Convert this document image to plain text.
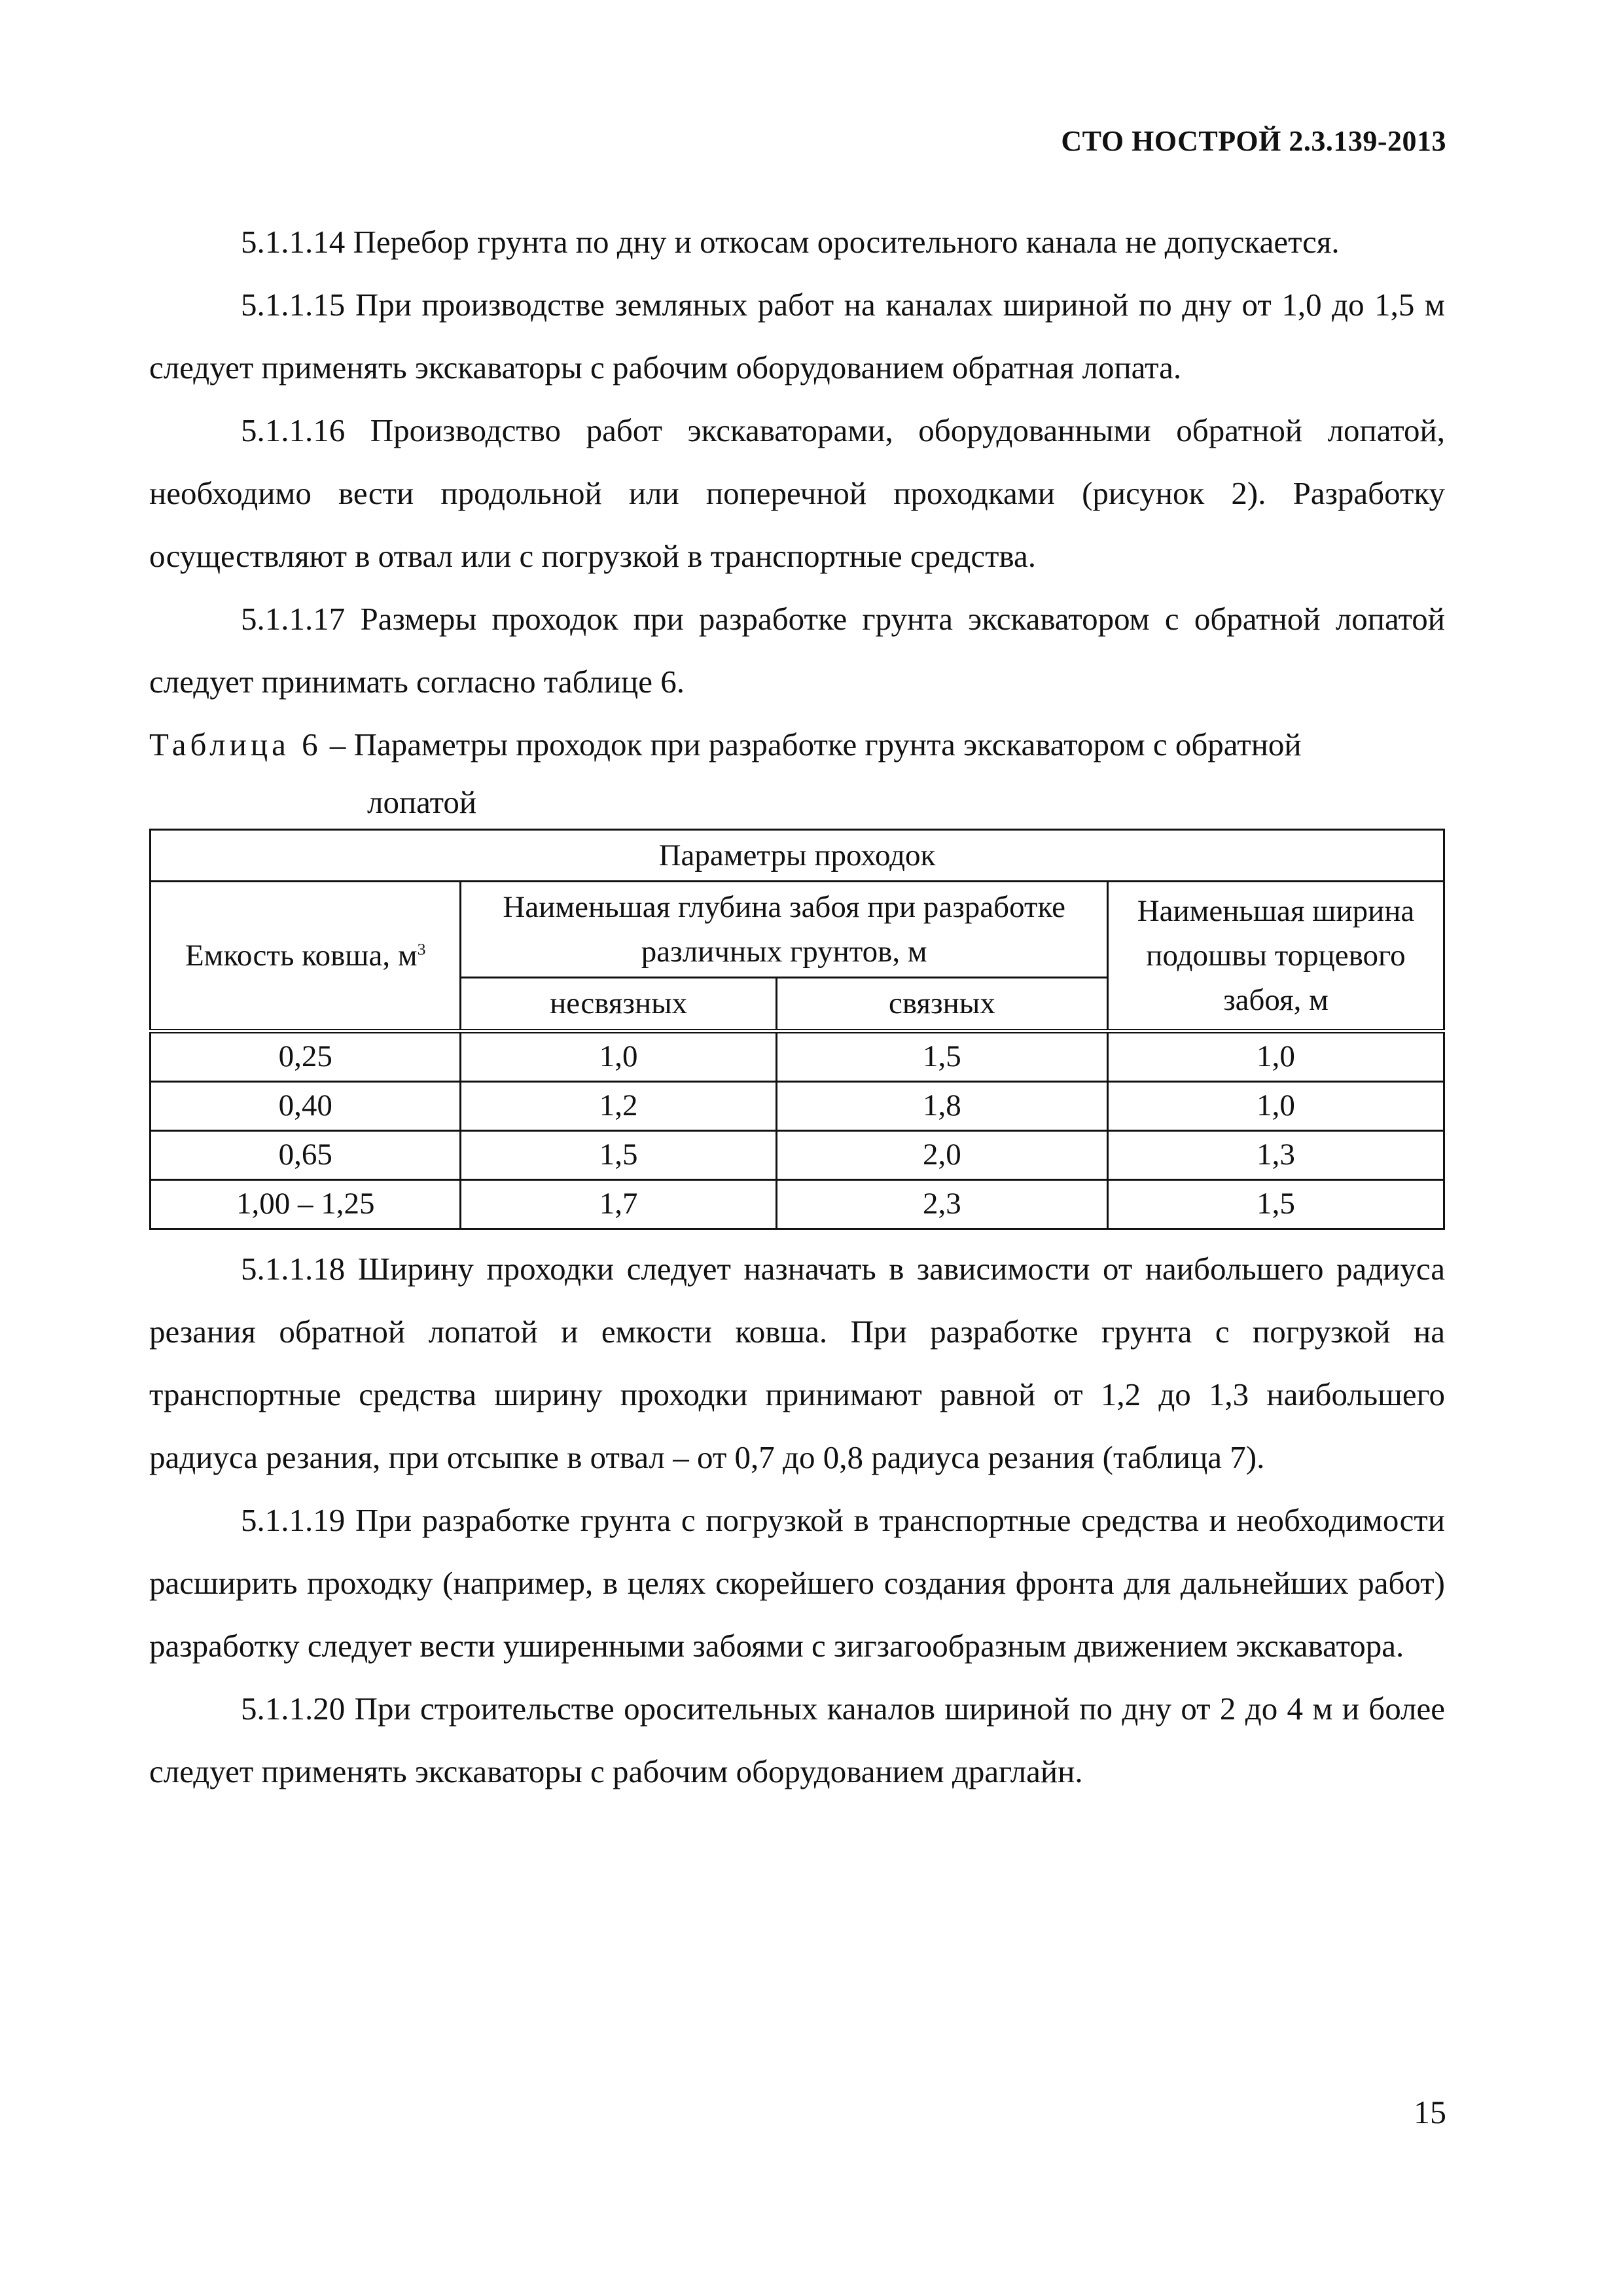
СТО НОСТРОЙ 2.3.139-2013

5.1.1.14 Перебор грунта по дну и откосам оросительного канала не допускается.

5.1.1.15 При производстве земляных работ на каналах шириной по дну от 1,0 до 1,5 м следует применять экскаваторы с рабочим оборудованием обратная лопата.

5.1.1.16 Производство работ экскаваторами, оборудованными обратной лопатой, необходимо вести продольной или поперечной проходками (рисунок 2). Разработку осуществляют в отвал или с погрузкой в транспортные средства.

5.1.1.17 Размеры проходок при разработке грунта экскаватором с обратной лопатой следует принимать согласно таблице 6.

Таблица 6 – Параметры проходок при разработке грунта экскаватором с обратной

лопатой

Параметры проходок			
Емкость ковша, $м^3$	Наименьшая глубина забоя при разработке различных грунтов, м		Наименьшая ширина подошвы торцевого забоя, м
	несвязных	связных	
0,25	1,0	1,5	1,0
0,40	1,2	1,8	1,0
0,65	1,5	2,0	1,3
1,00 – 1,25	1,7	2,3	1,5

5.1.1.18 Ширину проходки следует назначать в зависимости от наибольшего радиуса резания обратной лопатой и емкости ковша. При разработке грунта с погрузкой на транспортные средства ширину проходки принимают равной от 1,2 до 1,3 наибольшего радиуса резания, при отсыпке в отвал – от 0,7 до 0,8 радиуса резания (таблица 7).

5.1.1.19 При разработке грунта с погрузкой в транспортные средства и необходимости расширить проходку (например, в целях скорейшего создания фронта для дальнейших работ) разработку следует вести уширенными забоями с зигзагообразным движением экскаватора.

5.1.1.20 При строительстве оросительных каналов шириной по дну от 2 до 4 м и более следует применять экскаваторы с рабочим оборудованием драглайн.

15
